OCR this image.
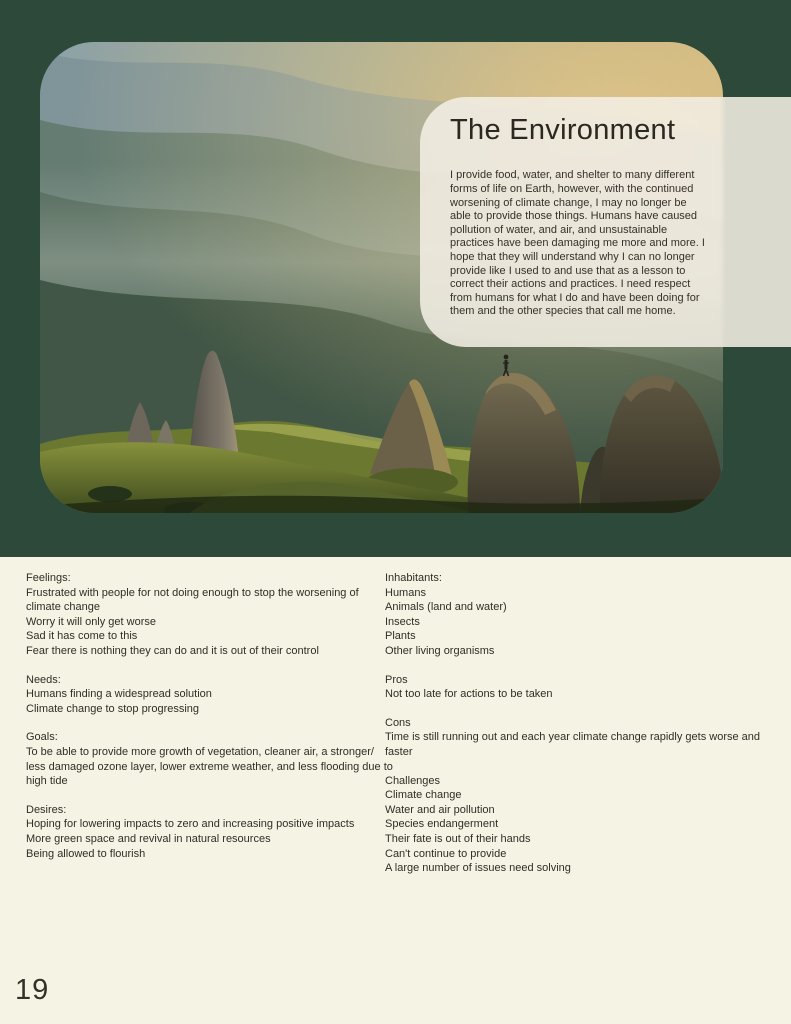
The Environment

I provide food, water, and shelter to many different forms of life on Earth, however, with the continued worsening of climate change, I may no longer be able to provide those things. Humans have caused pollution of water, and air, and unsustainable practices have been damaging me more and more. I hope that they will understand why I can no longer provide like I used to and use that as a lesson to correct their actions and practices. I need respect from humans for what I do and have been doing for them and the other species that call me home.

Feelings:
Frustrated with people for not doing enough to stop the worsening of climate change
Worry it will only get worse
Sad it has come to this
Fear there is nothing they can do and it is out of their control
Needs:
Humans finding a widespread solution
Climate change to stop progressing
Goals:
To be able to provide more growth of vegetation, cleaner air, a stronger/ less damaged ozone layer, lower extreme weather, and less flooding due to high tide
Desires:
Hoping for lowering impacts to zero and increasing positive impacts
More green space and revival in natural resources
Being allowed to flourish
Inhabitants:
Humans
Animals (land and water)
Insects
Plants
Other living organisms
Pros
Not too late for actions to be taken
Cons
Time is still running out and each year climate change rapidly gets worse and faster
Challenges
Climate change
Water and air pollution
Species endangerment
Their fate is out of their hands
Can't continue to provide
A large number of issues need solving
19
